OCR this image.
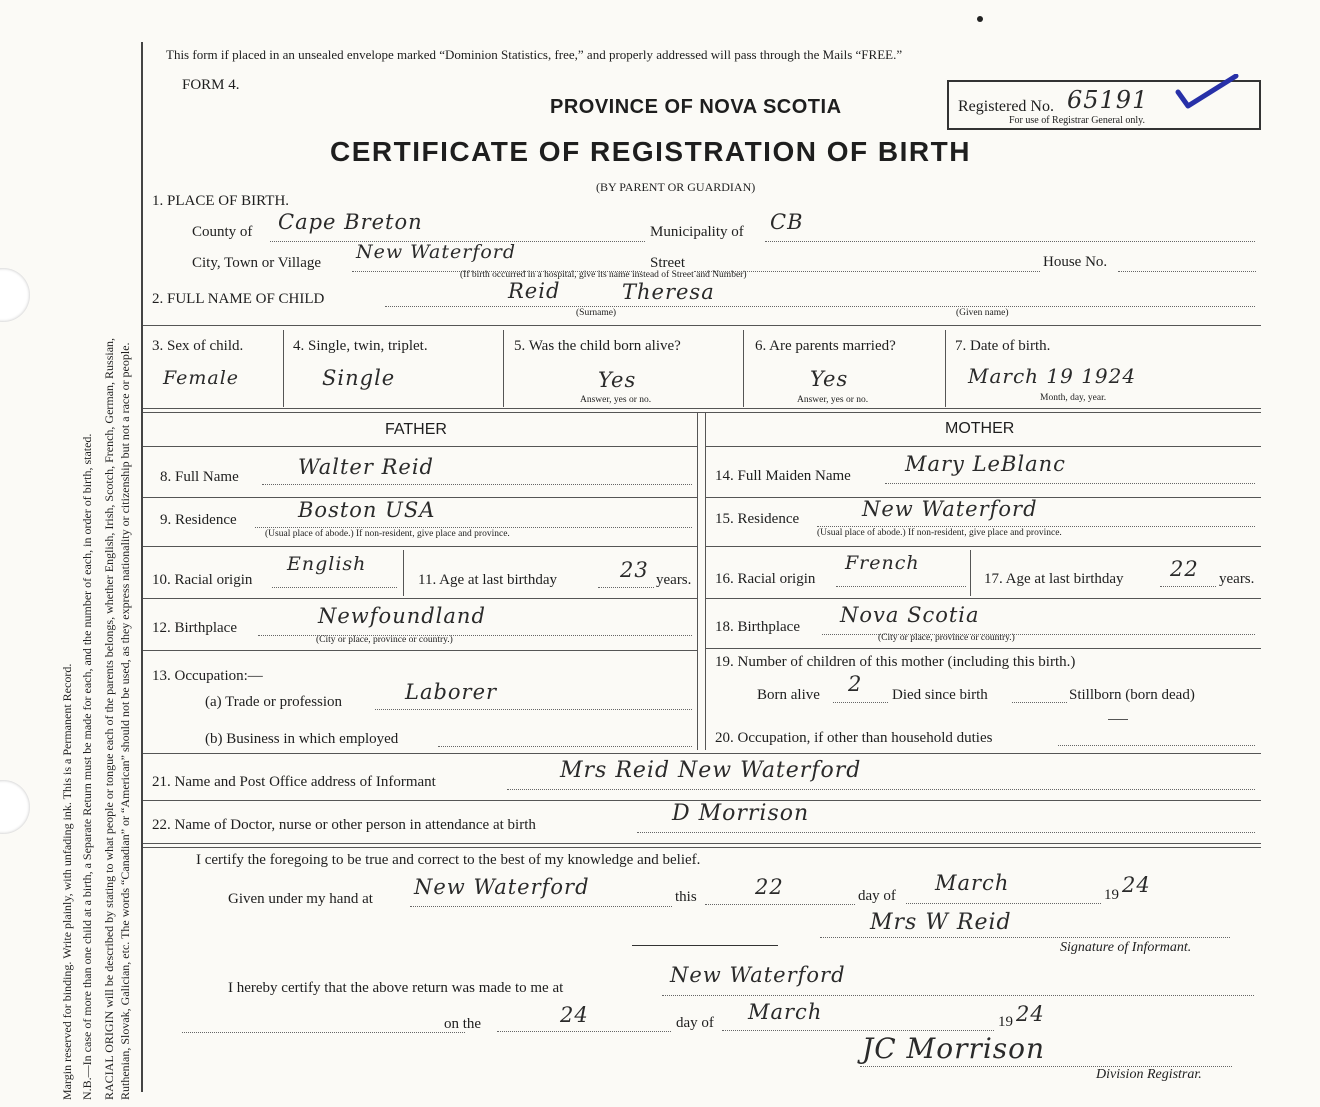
Margin reserved for binding. Write plainly, with unfading ink. This is a Permanent Record. N.B.—In case of more than one child at a birth, a Separate Return must be made for each, and the number of each, in order of birth, stated. RACIAL ORIGIN will be described by stating to what people or tongue each of the parents belongs, whether English, Irish, Scotch, French, German, Russian, Ruthenian, Slovak, Galician, etc. The words “Canadian” or “American” should not be used, as they express nationality or citizenship but not a race or people.
This form if placed in an unsealed envelope marked “Dominion Statistics, free,” and properly addressed will pass through the Mails “FREE.”
FORM 4.
PROVINCE OF NOVA SCOTIA
CERTIFICATE OF REGISTRATION OF BIRTH
(BY PARENT OR GUARDIAN)
Registered No. 65191
For use of Registrar General only.
1. PLACE OF BIRTH.
County of Cape Breton	Municipality of CB
City, Town or Village New Waterford	Street	House No.
(If birth occurred in a hospital, give its name instead of Street and Number)
2. FULL NAME OF CHILD	Reid	Theresa
(Surname)	(Given name)
3. Sex of child.
Female
4. Single, twin, triplet.
Single
5. Was the child born alive?
Yes
Answer, yes or no.
6. Are parents married?
Yes
Answer, yes or no.
7. Date of birth.
March 19 1924
Month, day, year.
FATHER	MOTHER
8. Full Name	Walter Reid
9. Residence	Boston USA
(Usual place of abode.) If non-resident, give place and province.
10. Racial origin
English
11. Age at last birthday	23 years.
12. Birthplace	Newfoundland
(City or place, province or country.)
13. Occupation:—
(a) Trade or profession	Laborer
(b) Business in which employed
14. Full Maiden Name	Mary LeBlanc
15. Residence	New Waterford
(Usual place of abode.) If non-resident, give place and province.
16. Racial origin
French
17. Age at last birthday 22 years.
18. Birthplace Nova Scotia
(City or place, province or country.)
19. Number of children of this mother (including this birth.)
Born alive 2 Died since birth	Stillborn (born dead)
20. Occupation, if other than household duties
21. Name and Post Office address of Informant	Mrs Reid New Waterford
22. Name of Doctor, nurse or other person in attendance at birth	D Morrison
I certify the foregoing to be true and correct to the best of my knowledge and belief.
Given under my hand at New Waterford	this	22	day of
March	19 24
Mrs W Reid
Signature of Informant.
I hereby certify that the above return was made to me at
New Waterford
on the	24	day of March	19 24
JC Morrison
Division Registrar.
